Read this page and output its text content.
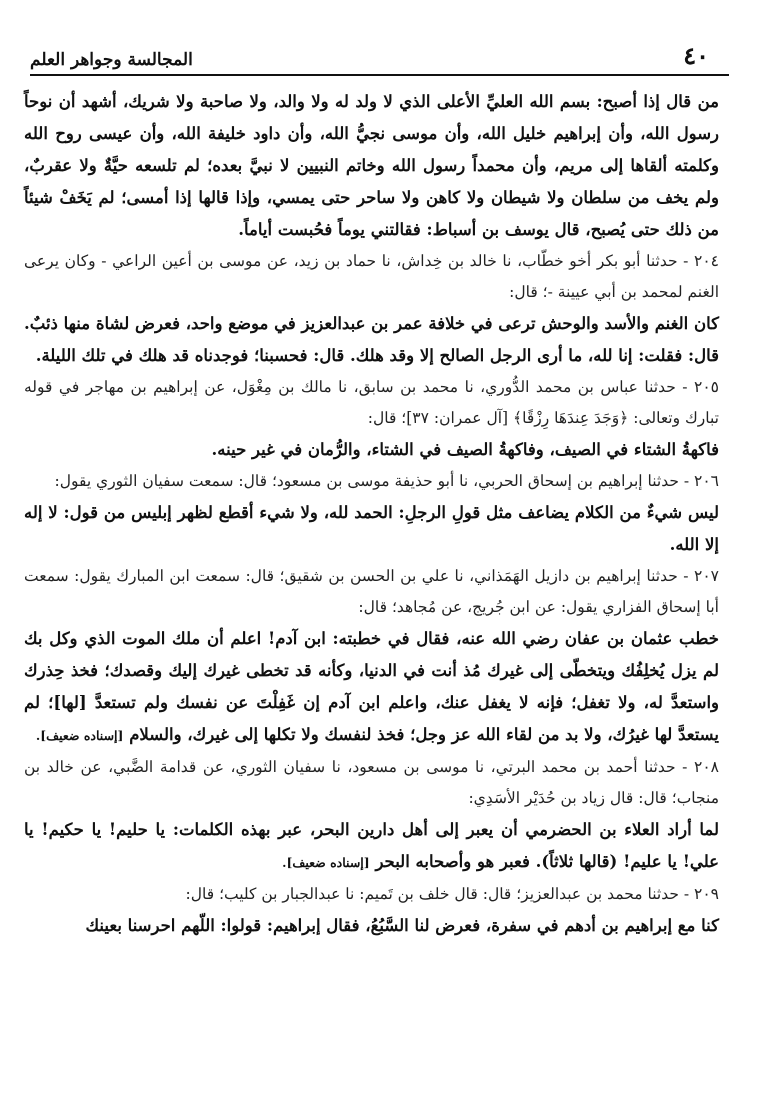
المجالسة وجواهر العلم	٤٠

من قال إذا أصبح: بسم الله العليِّ الأعلى الذي لا ولد له ولا والد، ولا صاحبة ولا شريك، أشهد أن نوحاً رسول الله، وأن إبراهيم خليل الله، وأن موسى نجيُّ الله، وأن داود خليفة الله، وأن عيسى روح الله وكلمته ألقاها إلى مريم، وأن محمداً رسول الله وخاتم النبيين لا نبيَّ بعده؛ لم تلسعه حيَّةٌ ولا عقربٌ، ولم يخف من سلطان ولا شيطان ولا كاهن ولا ساحر حتى يمسي، وإذا قالها إذا أمسى؛ لم يَخَفْ شيئاً من ذلك حتى يُصبح، قال يوسف بن أسباط: فقالتني يوماً فحُبست أياماً.

٢٠٤ - حدثنا أبو بكر أخو خطّاب، نا خالد بن خِداش، نا حماد بن زيد، عن موسى بن أعين الراعي - وكان يرعى الغنم لمحمد بن أبي عيينة -؛ قال:

كان الغنم والأسد والوحش ترعى في خلافة عمر بن عبدالعزيز في موضع واحد، فعرض لشاة منها ذئبٌ. قال: فقلت: إنا لله، ما أرى الرجل الصالح إلا وقد هلك. قال: فحسبنا؛ فوجدناه قد هلك في تلك الليلة.

٢٠٥ - حدثنا عباس بن محمد الدُّوري، نا محمد بن سابق، نا مالك بن مِغْوَل، عن إبراهيم بن مهاجر في قوله تبارك وتعالى: ﴿وَجَدَ عِندَهَا رِزْقًا﴾ [آل عمران: ٣٧]؛ قال:

فاكهةُ الشتاء في الصيف، وفاكهةُ الصيف في الشتاء، والرُّمان في غير حينه.

٢٠٦ - حدثنا إبراهيم بن إسحاق الحربي، نا أبو حذيفة موسى بن مسعود؛ قال: سمعت سفيان الثوري يقول:

ليس شيءٌ من الكلام يضاعف مثل قولِ الرجلِ: الحمد لله، ولا شيء أقطع لظهر إبليس من قول: لا إله إلا الله.

٢٠٧ - حدثنا إبراهيم بن دازيل الهَمَذاني، نا علي بن الحسن بن شقيق؛ قال: سمعت ابن المبارك يقول: سمعت أبا إسحاق الفزاري يقول: عن ابن جُريج، عن مُجاهد؛ قال:

خطب عثمان بن عفان رضي الله عنه، فقال في خطبته: ابن آدم! اعلم أن ملك الموت الذي وكل بك لم يزل يُخلِفُك ويتخطّى إلى غيرك مُذ أنت في الدنيا، وكأنه قد تخطى غيرك إليك وقصدك؛ فخذ حِذرك واستعدَّ له، ولا تغفل؛ فإنه لا يغفل عنك، واعلم ابن آدم إن غَفِلْتَ عن نفسك ولم تستعدَّ [لها]؛ لم يستعدَّ لها غيرُك، ولا بد من لقاء الله عز وجل؛ فخذ لنفسك ولا تكلها إلى غيرك، والسلام [إسناده ضعيف].

٢٠٨ - حدثنا أحمد بن محمد البرتي، نا موسى بن مسعود، نا سفيان الثوري، عن قدامة الضَّبي، عن خالد بن منجاب؛ قال: قال زياد بن حُدَيْر الأسَدِي:

لما أراد العلاء بن الحضرمي أن يعبر إلى أهل دارين البحر، عبر بهذه الكلمات: يا حليم! يا حكيم! يا علي! يا عليم! (قالها ثلاثاً). فعبر هو وأصحابه البحر [إسناده ضعيف].

٢٠٩ - حدثنا محمد بن عبدالعزيز؛ قال: قال خلف بن تَميم: نا عبدالجبار بن كليب؛ قال:

كنا مع إبراهيم بن أدهم في سفرة، فعرض لنا السَّبُعُ، فقال إبراهيم: قولوا: اللّهم احرسنا بعينك
